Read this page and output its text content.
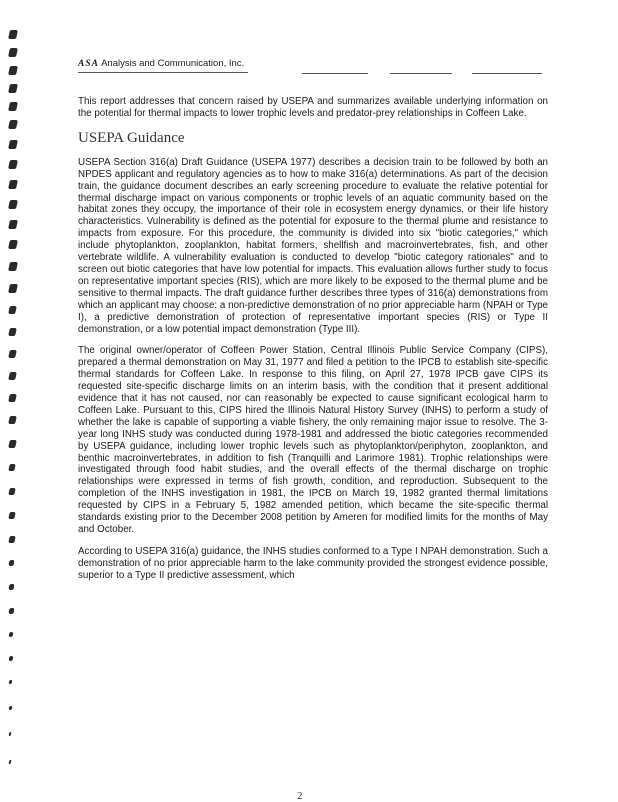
ASA Analysis and Communication, Inc.

This report addresses that concern raised by USEPA and summarizes available underlying information on the potential for thermal impacts to lower trophic levels and predator-prey relationships in Coffeen Lake.

USEPA Guidance

USEPA Section 316(a) Draft Guidance (USEPA 1977) describes a decision train to be followed by both an NPDES applicant and regulatory agencies as to how to make 316(a) determinations. As part of the decision train, the guidance document describes an early screening procedure to evaluate the relative potential for thermal discharge impact on various components or trophic levels of an aquatic community based on the habitat zones they occupy, the importance of their role in ecosystem energy dynamics, or their life history characteristics. Vulnerability is defined as the potential for exposure to the thermal plume and resistance to impacts from exposure. For this procedure, the community is divided into six "biotic categories," which include phytoplankton, zooplankton, habitat formers, shellfish and macroinvertebrates, fish, and other vertebrate wildlife. A vulnerability evaluation is conducted to develop "biotic category rationales" and to screen out biotic categories that have low potential for impacts. This evaluation allows further study to focus on representative important species (RIS), which are more likely to be exposed to the thermal plume and be sensitive to thermal impacts. The draft guidance further describes three types of 316(a) demonstrations from which an applicant may choose: a non-predictive demonstration of no prior appreciable harm (NPAH or Type I), a predictive demonstration of protection of representative important species (RIS) or Type II demonstration, or a low potential impact demonstration (Type III).

The original owner/operator of Coffeen Power Station, Central Illinois Public Service Company (CIPS), prepared a thermal demonstration on May 31, 1977 and filed a petition to the IPCB to establish site-specific thermal standards for Coffeen Lake. In response to this filing, on April 27, 1978 IPCB gave CIPS its requested site-specific discharge limits on an interim basis, with the condition that it present additional evidence that it has not caused, nor can reasonably be expected to cause significant ecological harm to Coffeen Lake. Pursuant to this, CIPS hired the Illinois Natural History Survey (INHS) to perform a study of whether the lake is capable of supporting a viable fishery, the only remaining major issue to resolve. The 3-year long INHS study was conducted during 1978-1981 and addressed the biotic categories recommended by USEPA guidance, including lower trophic levels such as phytoplankton/periphyton, zooplankton, and benthic macroinvertebrates, in addition to fish (Tranquilli and Larimore 1981). Trophic relationships were investigated through food habit studies, and the overall effects of the thermal discharge on trophic relationships were expressed in terms of fish growth, condition, and reproduction. Subsequent to the completion of the INHS investigation in 1981, the IPCB on March 19, 1982 granted thermal limitations requested by CIPS in a February 5, 1982 amended petition, which became the site-specific thermal standards existing prior to the December 2008 petition by Ameren for modified limits for the months of May and October.

According to USEPA 316(a) guidance, the INHS studies conformed to a Type I NPAH demonstration. Such a demonstration of no prior appreciable harm to the lake community provided the strongest evidence possible, superior to a Type II predictive assessment, which

2
